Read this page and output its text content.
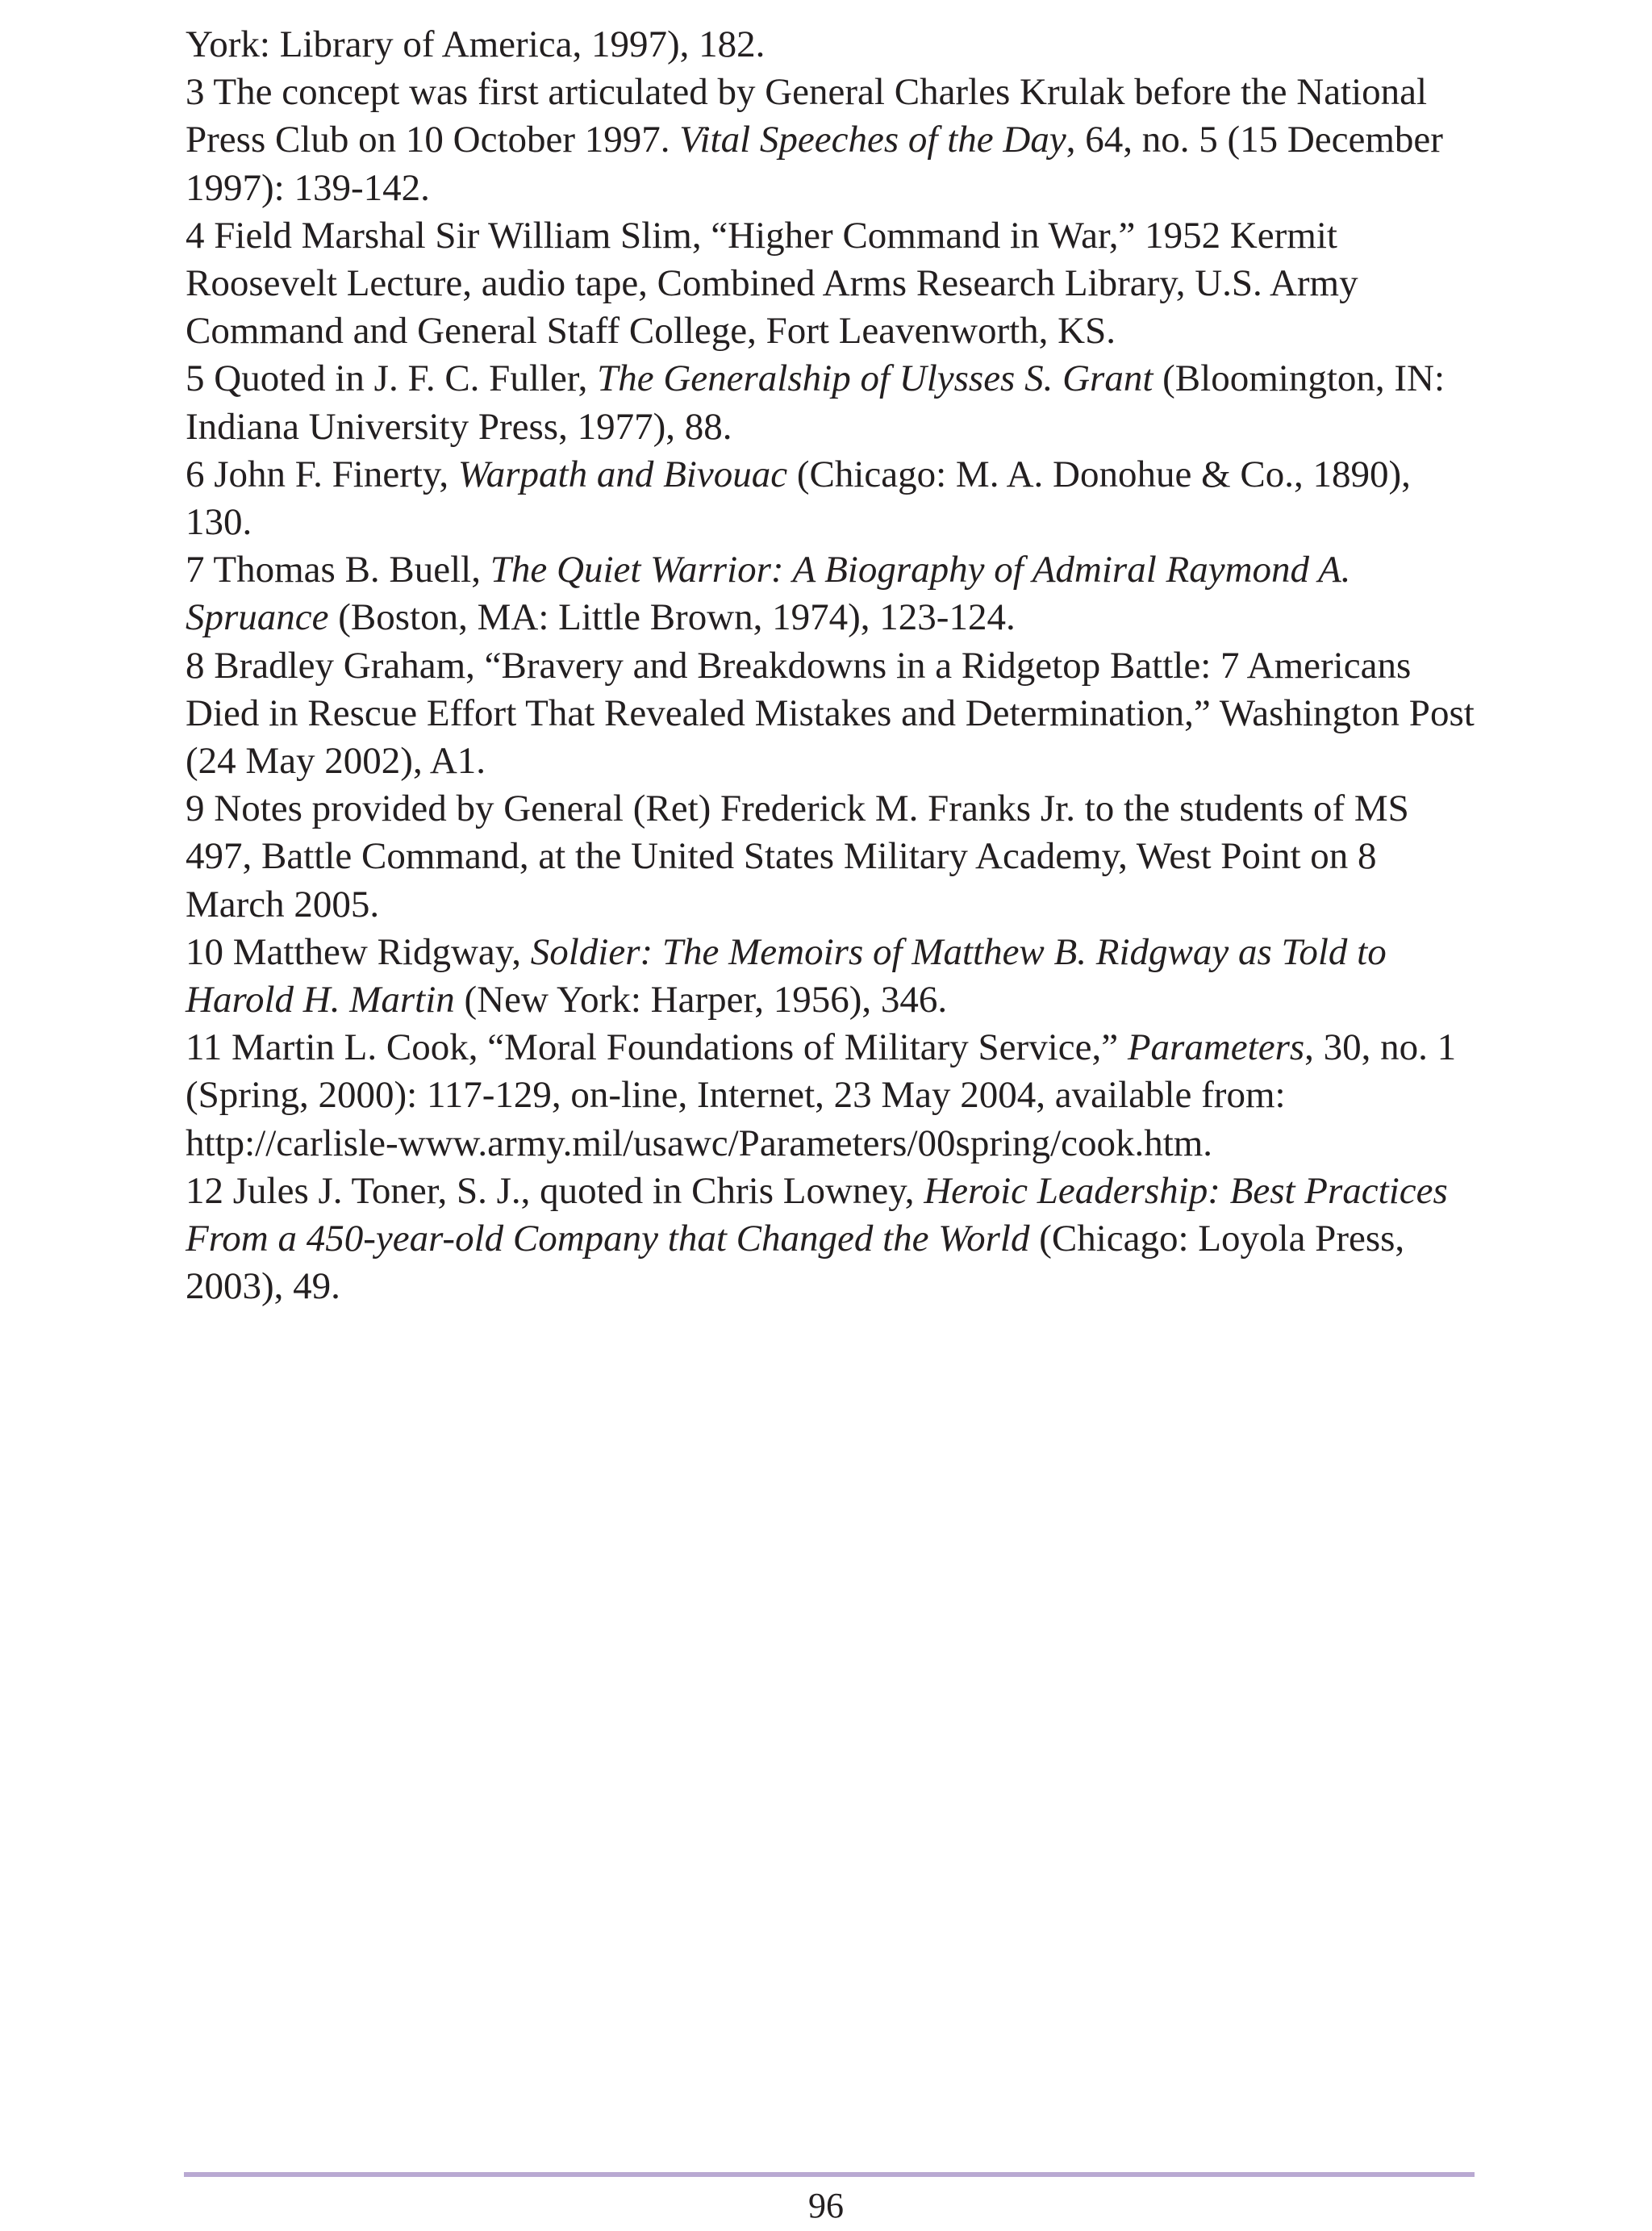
York: Library of America, 1997), 182.

3 The concept was first articulated by General Charles Krulak before the National Press Club on 10 October 1997. Vital Speeches of the Day, 64, no. 5 (15 December 1997): 139-142.

4 Field Marshal Sir William Slim, “Higher Command in War,” 1952 Kermit Roosevelt Lecture, audio tape, Combined Arms Research Library, U.S. Army Command and General Staff College, Fort Leavenworth, KS.

5 Quoted in J. F. C. Fuller, The Generalship of Ulysses S. Grant (Bloomington, IN: Indiana University Press, 1977), 88.

6 John F. Finerty, Warpath and Bivouac (Chicago: M. A. Donohue & Co., 1890), 130.

7 Thomas B. Buell, The Quiet Warrior: A Biography of Admiral Raymond A. Spruance (Boston, MA: Little Brown, 1974), 123-124.

8 Bradley Graham, “Bravery and Breakdowns in a Ridgetop Battle: 7 Americans Died in Rescue Effort That Revealed Mistakes and Determination,” Washington Post (24 May 2002), A1.

9 Notes provided by General (Ret) Frederick M. Franks Jr. to the students of MS 497, Battle Command, at the United States Military Academy, West Point on 8 March 2005.

10 Matthew Ridgway, Soldier: The Memoirs of Matthew B. Ridgway as Told to Harold H. Martin (New York: Harper, 1956), 346.

11 Martin L. Cook, “Moral Foundations of Military Service,” Parameters, 30, no. 1 (Spring, 2000): 117-129, on-line, Internet, 23 May 2004, available from: http://carlisle-www.army.mil/usawc/Parameters/00spring/cook.htm.

12 Jules J. Toner, S. J., quoted in Chris Lowney, Heroic Leadership: Best Practices From a 450-year-old Company that Changed the World (Chicago: Loyola Press, 2003), 49.

96
